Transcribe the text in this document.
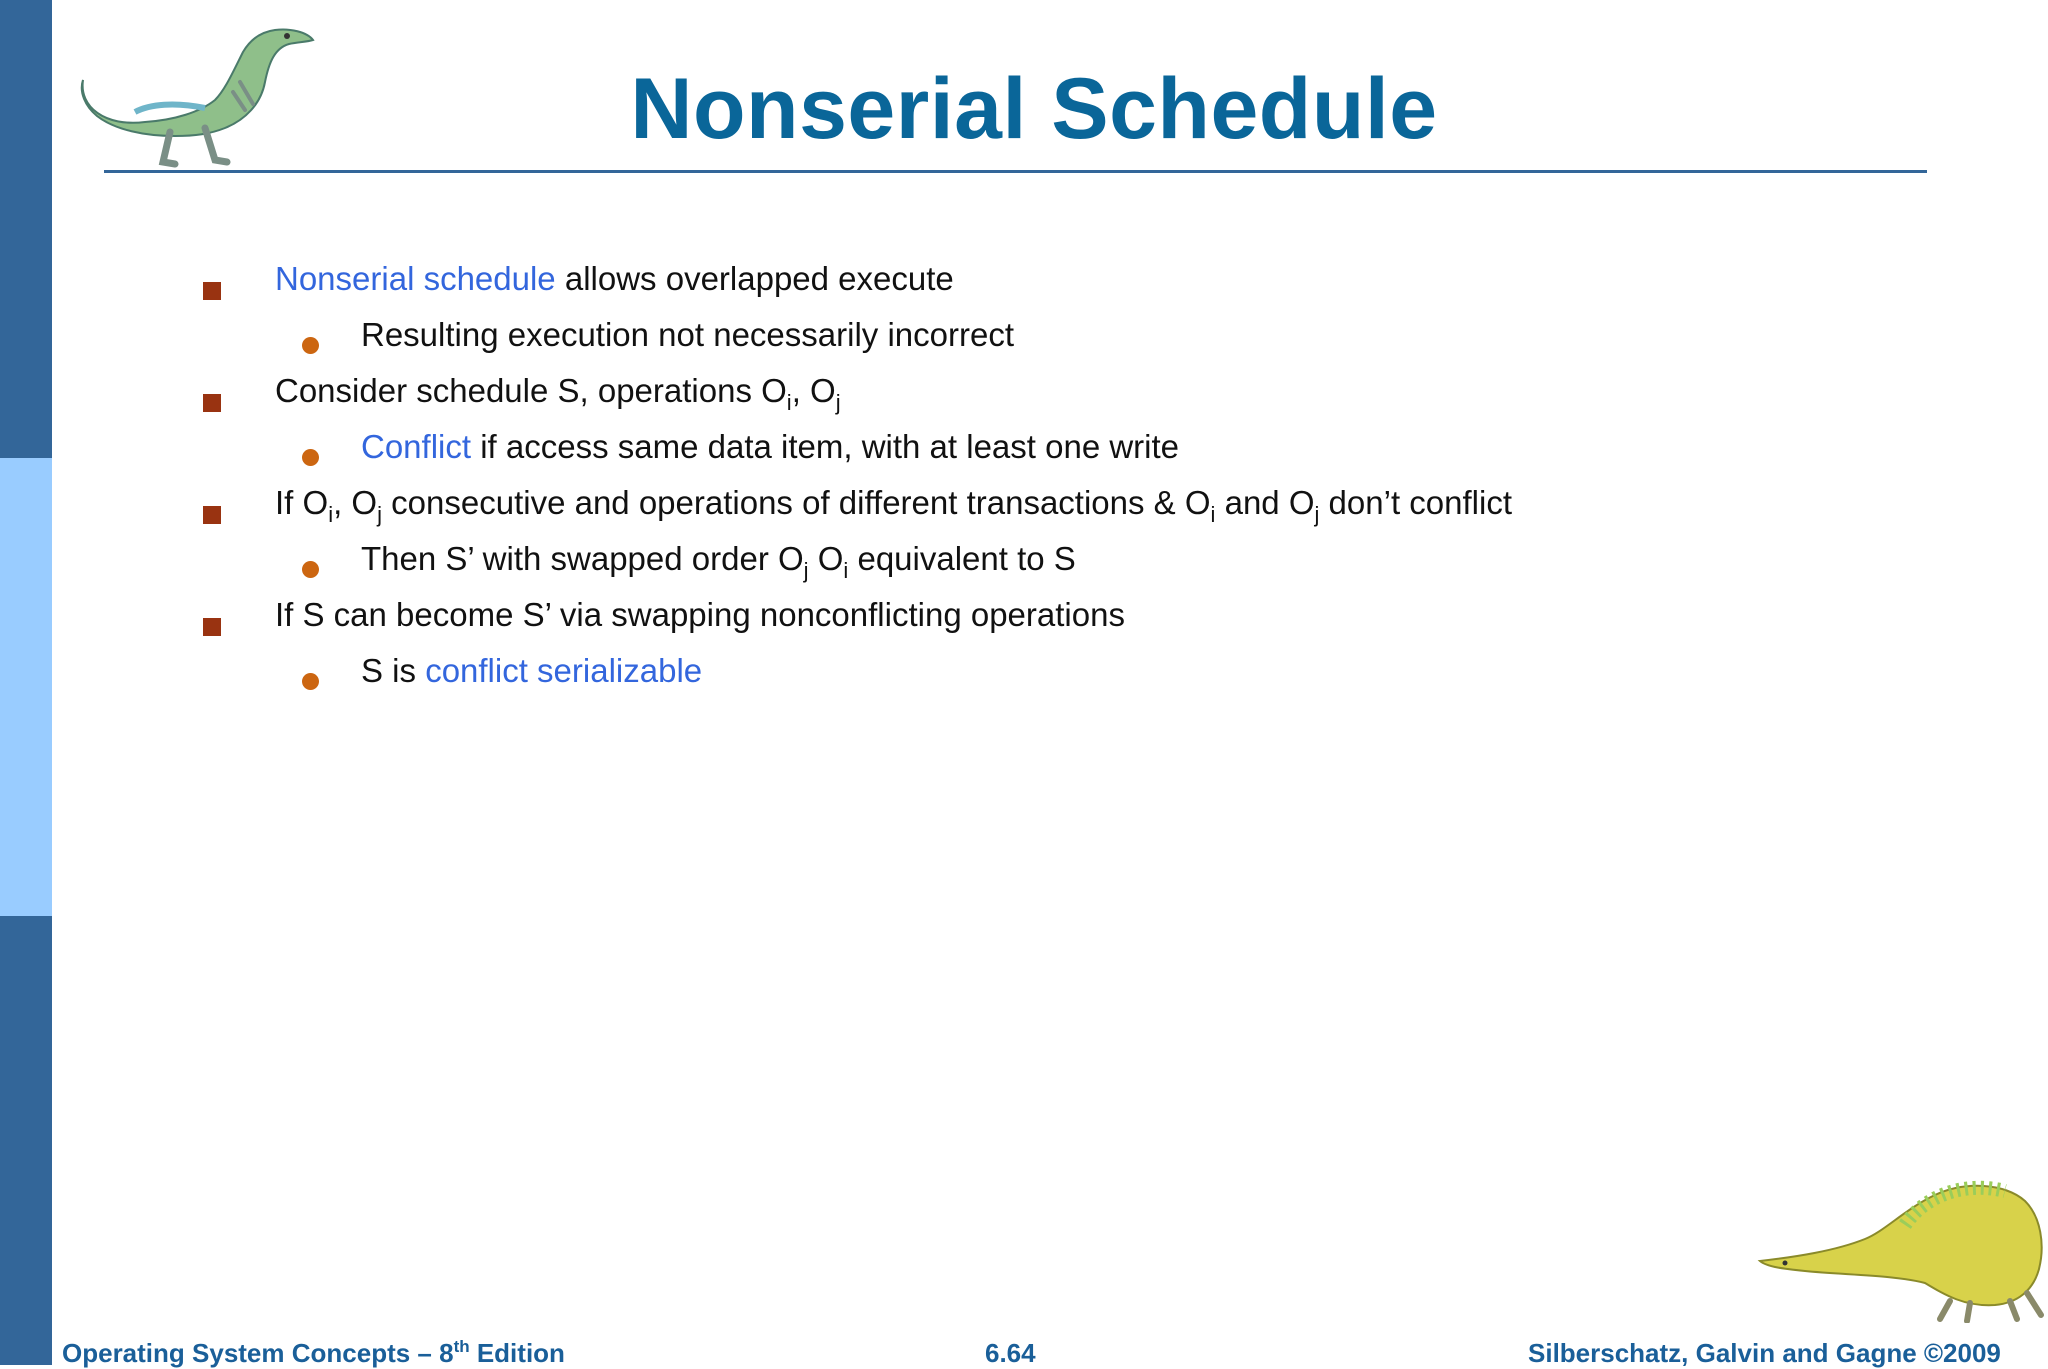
Nonserial Schedule
Nonserial schedule allows overlapped execute
Resulting execution not necessarily incorrect
Consider schedule S, operations $O_i$, $O_j$
Conflict if access same data item, with at least one write
If $O_i$, $O_j$ consecutive and operations of different transactions & $O_i$ and $O_j$ don’t conflict
Then S’ with swapped order $O_j$ $O_i$ equivalent to S
If S can become S’ via swapping nonconflicting operations
S is conflict serializable
Operating System Concepts – 8th Edition	6.64	Silberschatz, Galvin and Gagne ©2009
